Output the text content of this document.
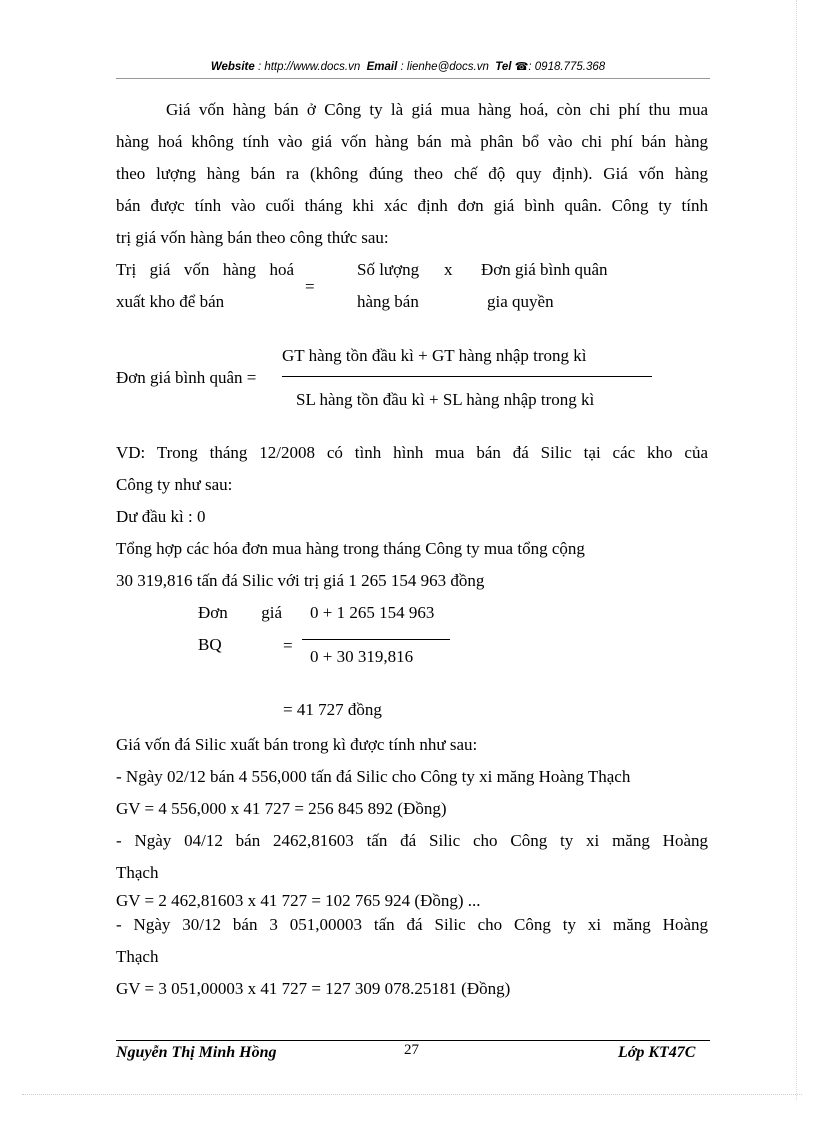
Website : http://www.docs.vn Email : lienhe@docs.vn Tel ☎: 0918.775.368
Giá vốn hàng bán ở Công ty là giá mua hàng hoá, còn chi phí thu mua
hàng hoá không tính vào giá vốn hàng bán mà phân bổ vào chi phí bán hàng
theo lượng hàng bán ra (không đúng theo chế độ quy định). Giá vốn hàng
bán được tính vào cuối tháng khi xác định đơn giá bình quân. Công ty tính
trị giá vốn hàng bán theo công thức sau:
Trị giá vốn hàng hoá
xuất kho để bán
=
Số lượng
hàng bán
x Đơn giá bình quân
gia quyền
Đơn giá bình quân =
GT hàng tồn đầu kì + GT hàng nhập trong kì
SL hàng tồn đầu kì + SL hàng nhập trong kì
VD: Trong tháng 12/2008 có tình hình mua bán đá Silic tại các kho của
Công ty như sau:
Dư đầu kì : 0
Tổng hợp các hóa đơn mua hàng trong tháng Công ty mua tổng cộng
30 319,816 tấn đá Silic với trị giá 1 265 154 963 đồng
Đơn giá
BQ	=
0 + 1 265 154 963
0 + 30 319,816
= 41 727 đồng
Giá vốn đá Silic xuất bán trong kì được tính như sau:
- Ngày 02/12 bán 4 556,000 tấn đá Silic cho Công ty xi măng Hoàng Thạch
GV = 4 556,000 x 41 727 = 256 845 892 (Đồng)
- Ngày 04/12 bán 2462,81603 tấn đá Silic cho Công ty xi măng Hoàng
Thạch
GV = 2 462,81603 x 41 727 = 102 765 924 (Đồng) ...
- Ngày 30/12 bán 3 051,00003 tấn đá Silic cho Công ty xi măng Hoàng
Thạch
GV = 3 051,00003 x 41 727 = 127 309 078.25181 (Đồng)
Nguyễn Thị Minh Hồng	27	Lớp KT47C
